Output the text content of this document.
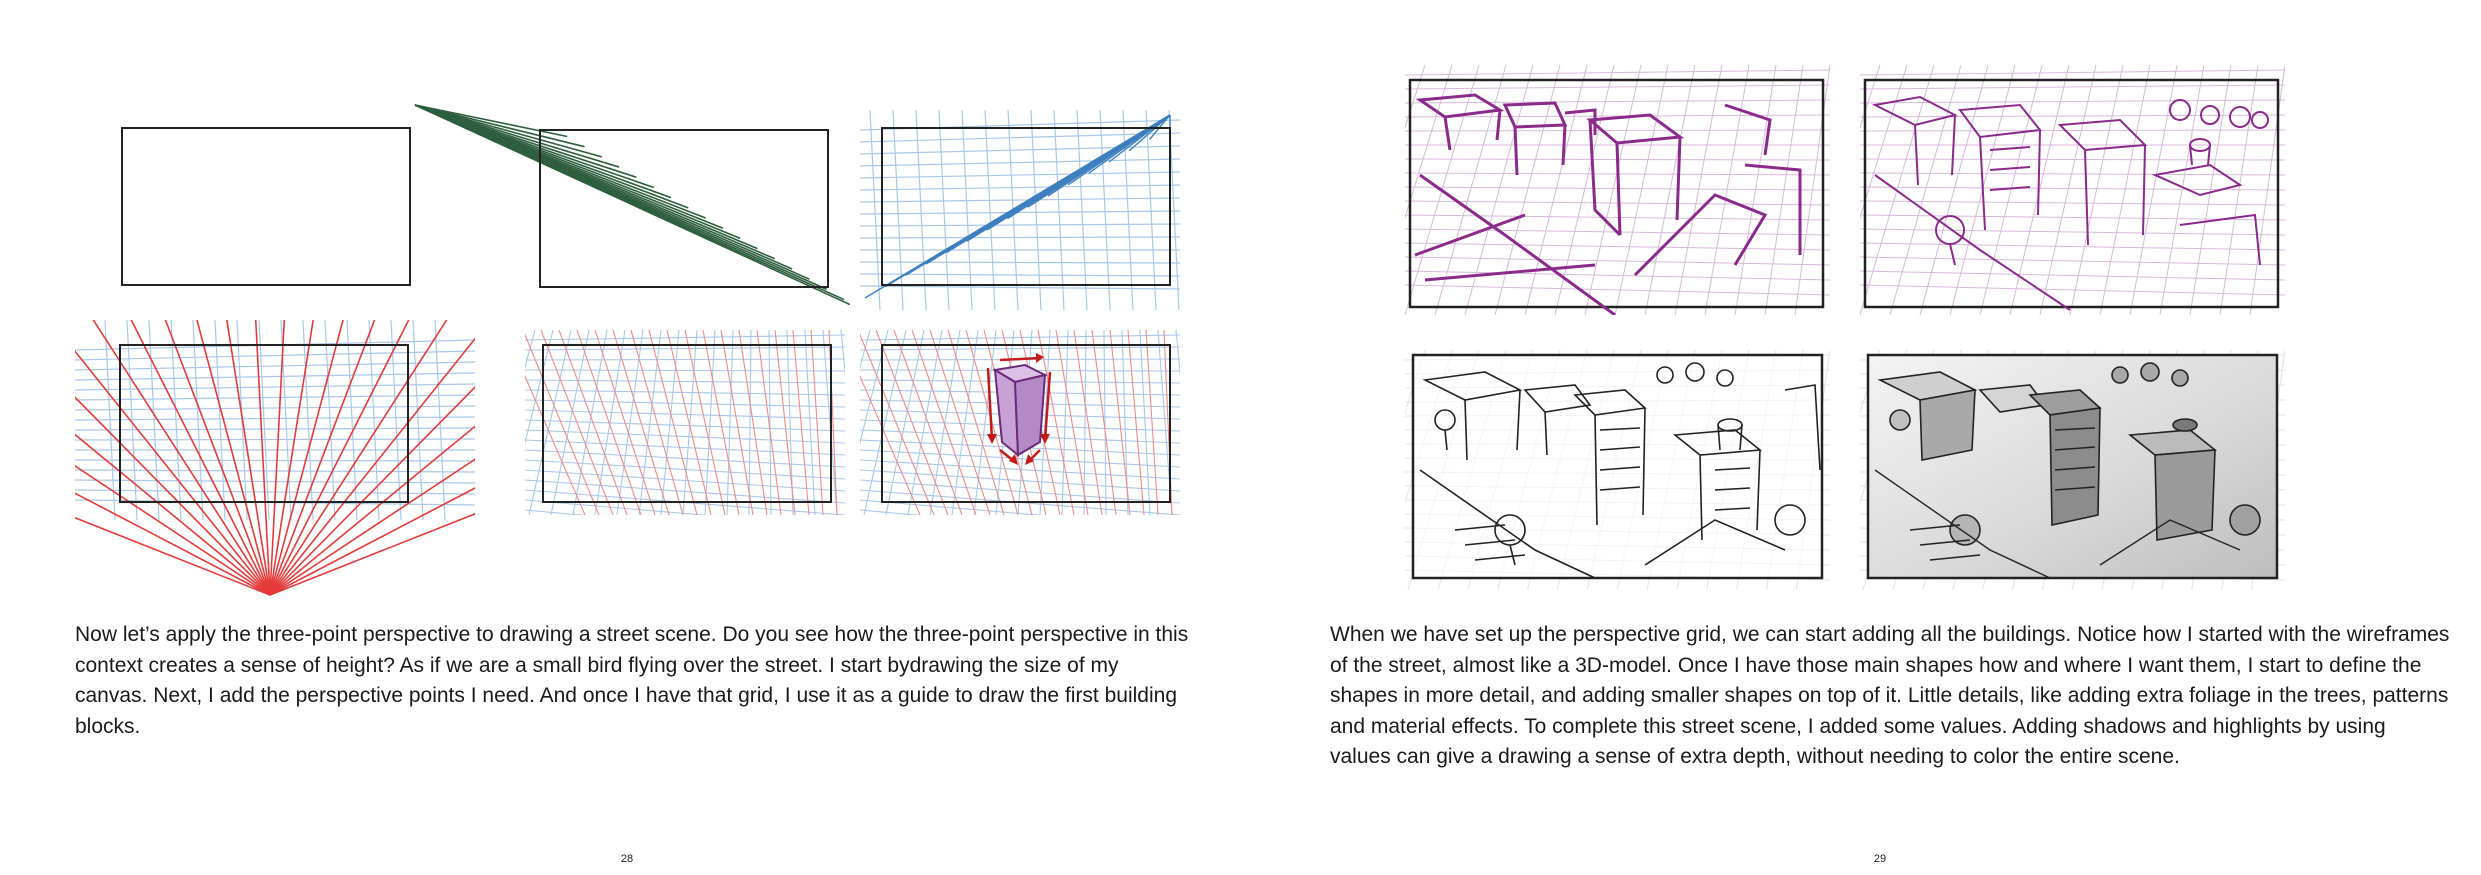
Now let’s apply the three-point perspective to drawing a street scene. Do you see how the three-point perspective in this context creates a sense of height? As if we are a small bird flying over the street. I start bydrawing the size of my canvas. Next, I add the perspective points I need. And once I have that grid, I use it as a guide to draw the first building blocks.

28

When we have set up the perspective grid, we can start adding all the buildings. Notice how I started with the wireframes of the street, almost like a 3D-model. Once I have those main shapes how and where I want them, I start to define the shapes in more detail, and adding smaller shapes on top of it. Little details, like adding extra foliage in the trees, patterns and material effects. To complete this street scene, I added some values. Adding shadows and highlights by using values can give a drawing a sense of extra depth, without needing to color the entire scene.

29
